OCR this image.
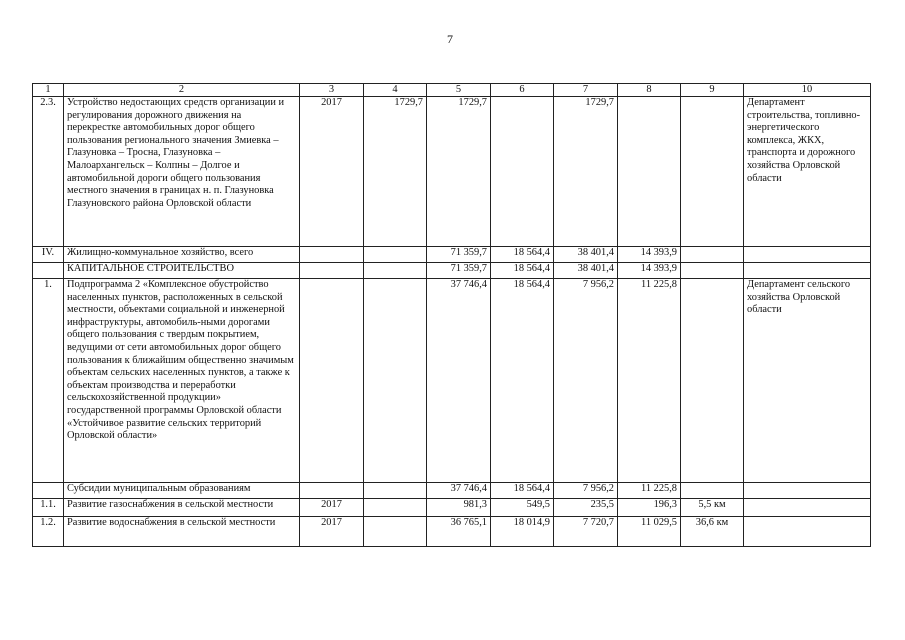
7
1	2	3	4	5	6	7	8	9	10
2.3.	Устройство недостающих средств организации и регулирования дорожного движения на перекрестке автомобильных дорог общего пользования регионального значения Змиевка – Глазуновка – Тросна, Глазуновка – Малоархангельск – Колпны – Долгое и автомобильной дороги общего пользования местного значения в границах н. п. Глазуновка Глазуновского района Орловской области	2017	1729,7	1729,7		1729,7			Департамент строительства, топливно-энергетического комплекса, ЖКХ, транспорта и дорожного хозяйства Орловской области
IV.	Жилищно-коммунальное хозяйство, всего			71 359,7	18 564,4	38 401,4	14 393,9		
	КАПИТАЛЬНОЕ СТРОИТЕЛЬСТВО			71 359,7	18 564,4	38 401,4	14 393,9		
1.	Подпрограмма 2 «Комплексное обустройство населенных пунктов, расположенных в сельской местности, объектами социальной и инженерной инфраструктуры, автомобиль-ными дорогами общего пользования с твердым покрытием, ведущими от сети автомобильных дорог общего пользования к ближайшим общественно значимым объектам сельских населенных пунктов, а также к объектам производства и переработки сельскохозяйственной продукции» государственной программы Орловской области «Устойчивое развитие сельских территорий Орловской области»			37 746,4	18 564,4	7 956,2	11 225,8		Департамент сельского хозяйства Орловской области
	Субсидии муниципальным образованиям			37 746,4	18 564,4	7 956,2	11 225,8		
1.1.	Развитие газоснабжения в сельской местности	2017		981,3	549,5	235,5	196,3	5,5 км	
1.2.	Развитие водоснабжения в сельской местности	2017		36 765,1	18 014,9	7 720,7	11 029,5	36,6 км	
